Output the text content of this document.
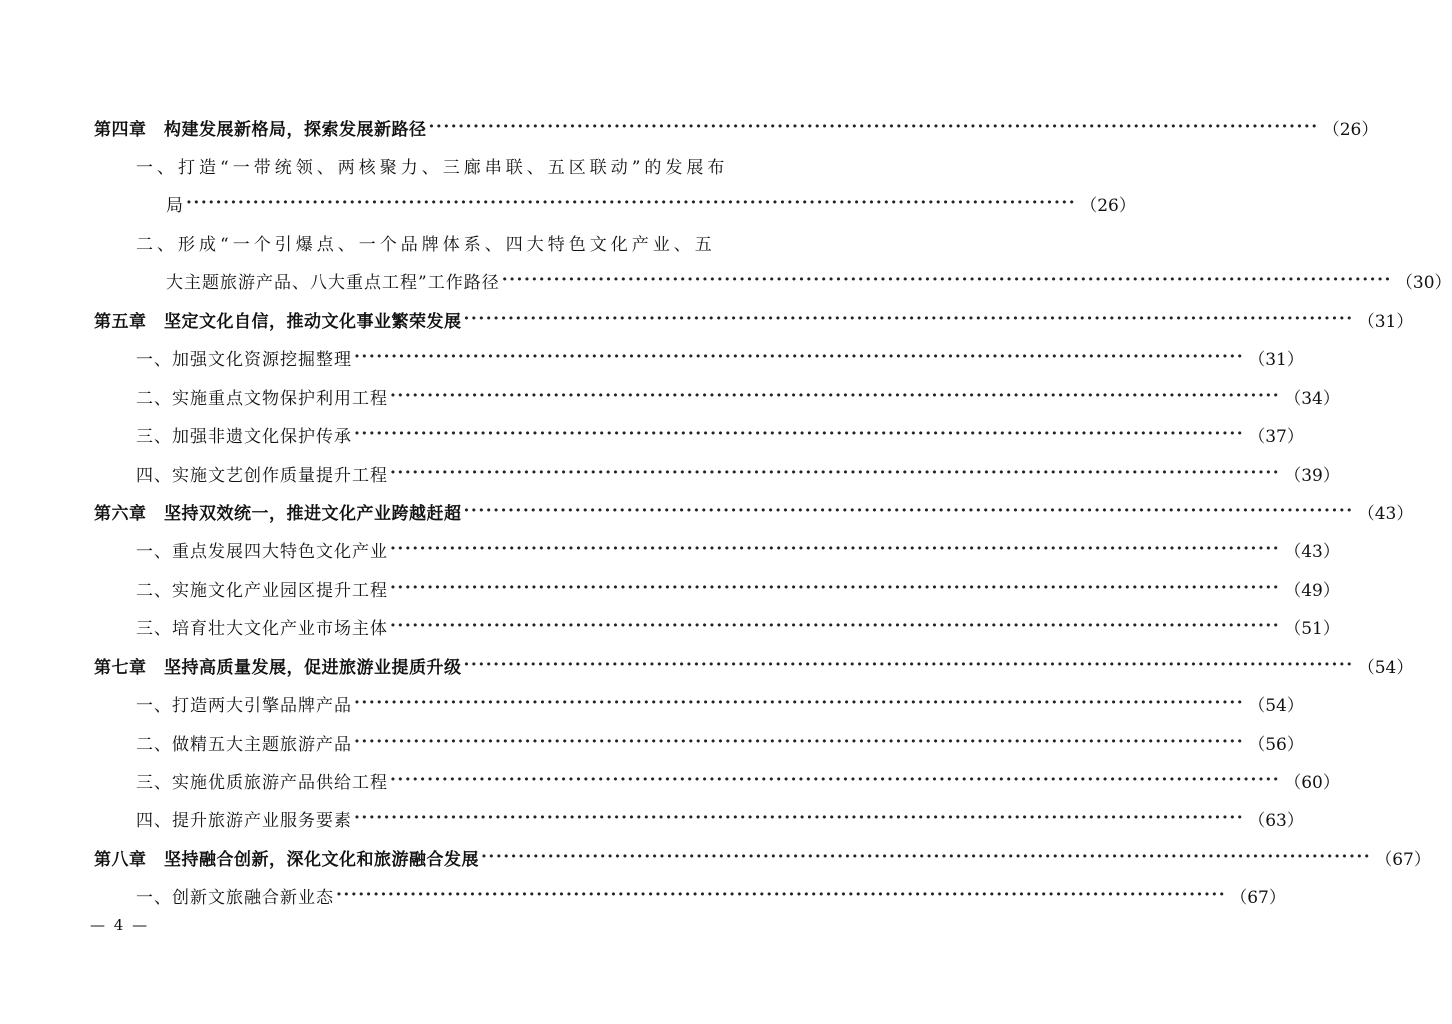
第四章　构建发展新格局，探索发展新路径 ························································································································ （26）
一、打造“一带统领、两核聚力、三廊串联、五区联动”的发展布
局 ························································································································ （26）
二、形成“一个引爆点、一个品牌体系、四大特色文化产业、五
大主题旅游产品、八大重点工程”工作路径 ························································································································ （30）
第五章　坚定文化自信，推动文化事业繁荣发展 ························································································································ （31）
一、加强文化资源挖掘整理 ························································································································ （31）
二、实施重点文物保护利用工程 ························································································································ （34）
三、加强非遗文化保护传承 ························································································································ （37）
四、实施文艺创作质量提升工程 ························································································································ （39）
第六章　坚持双效统一，推进文化产业跨越赶超 ························································································································ （43）
一、重点发展四大特色文化产业 ························································································································ （43）
二、实施文化产业园区提升工程 ························································································································ （49）
三、培育壮大文化产业市场主体 ························································································································ （51）
第七章　坚持高质量发展，促进旅游业提质升级 ························································································································ （54）
一、打造两大引擎品牌产品 ························································································································ （54）
二、做精五大主题旅游产品 ························································································································ （56）
三、实施优质旅游产品供给工程 ························································································································ （60）
四、提升旅游产业服务要素 ························································································································ （63）
第八章　坚持融合创新，深化文化和旅游融合发展 ························································································································ （67）
一、创新文旅融合新业态 ························································································································ （67）
— 4 —
